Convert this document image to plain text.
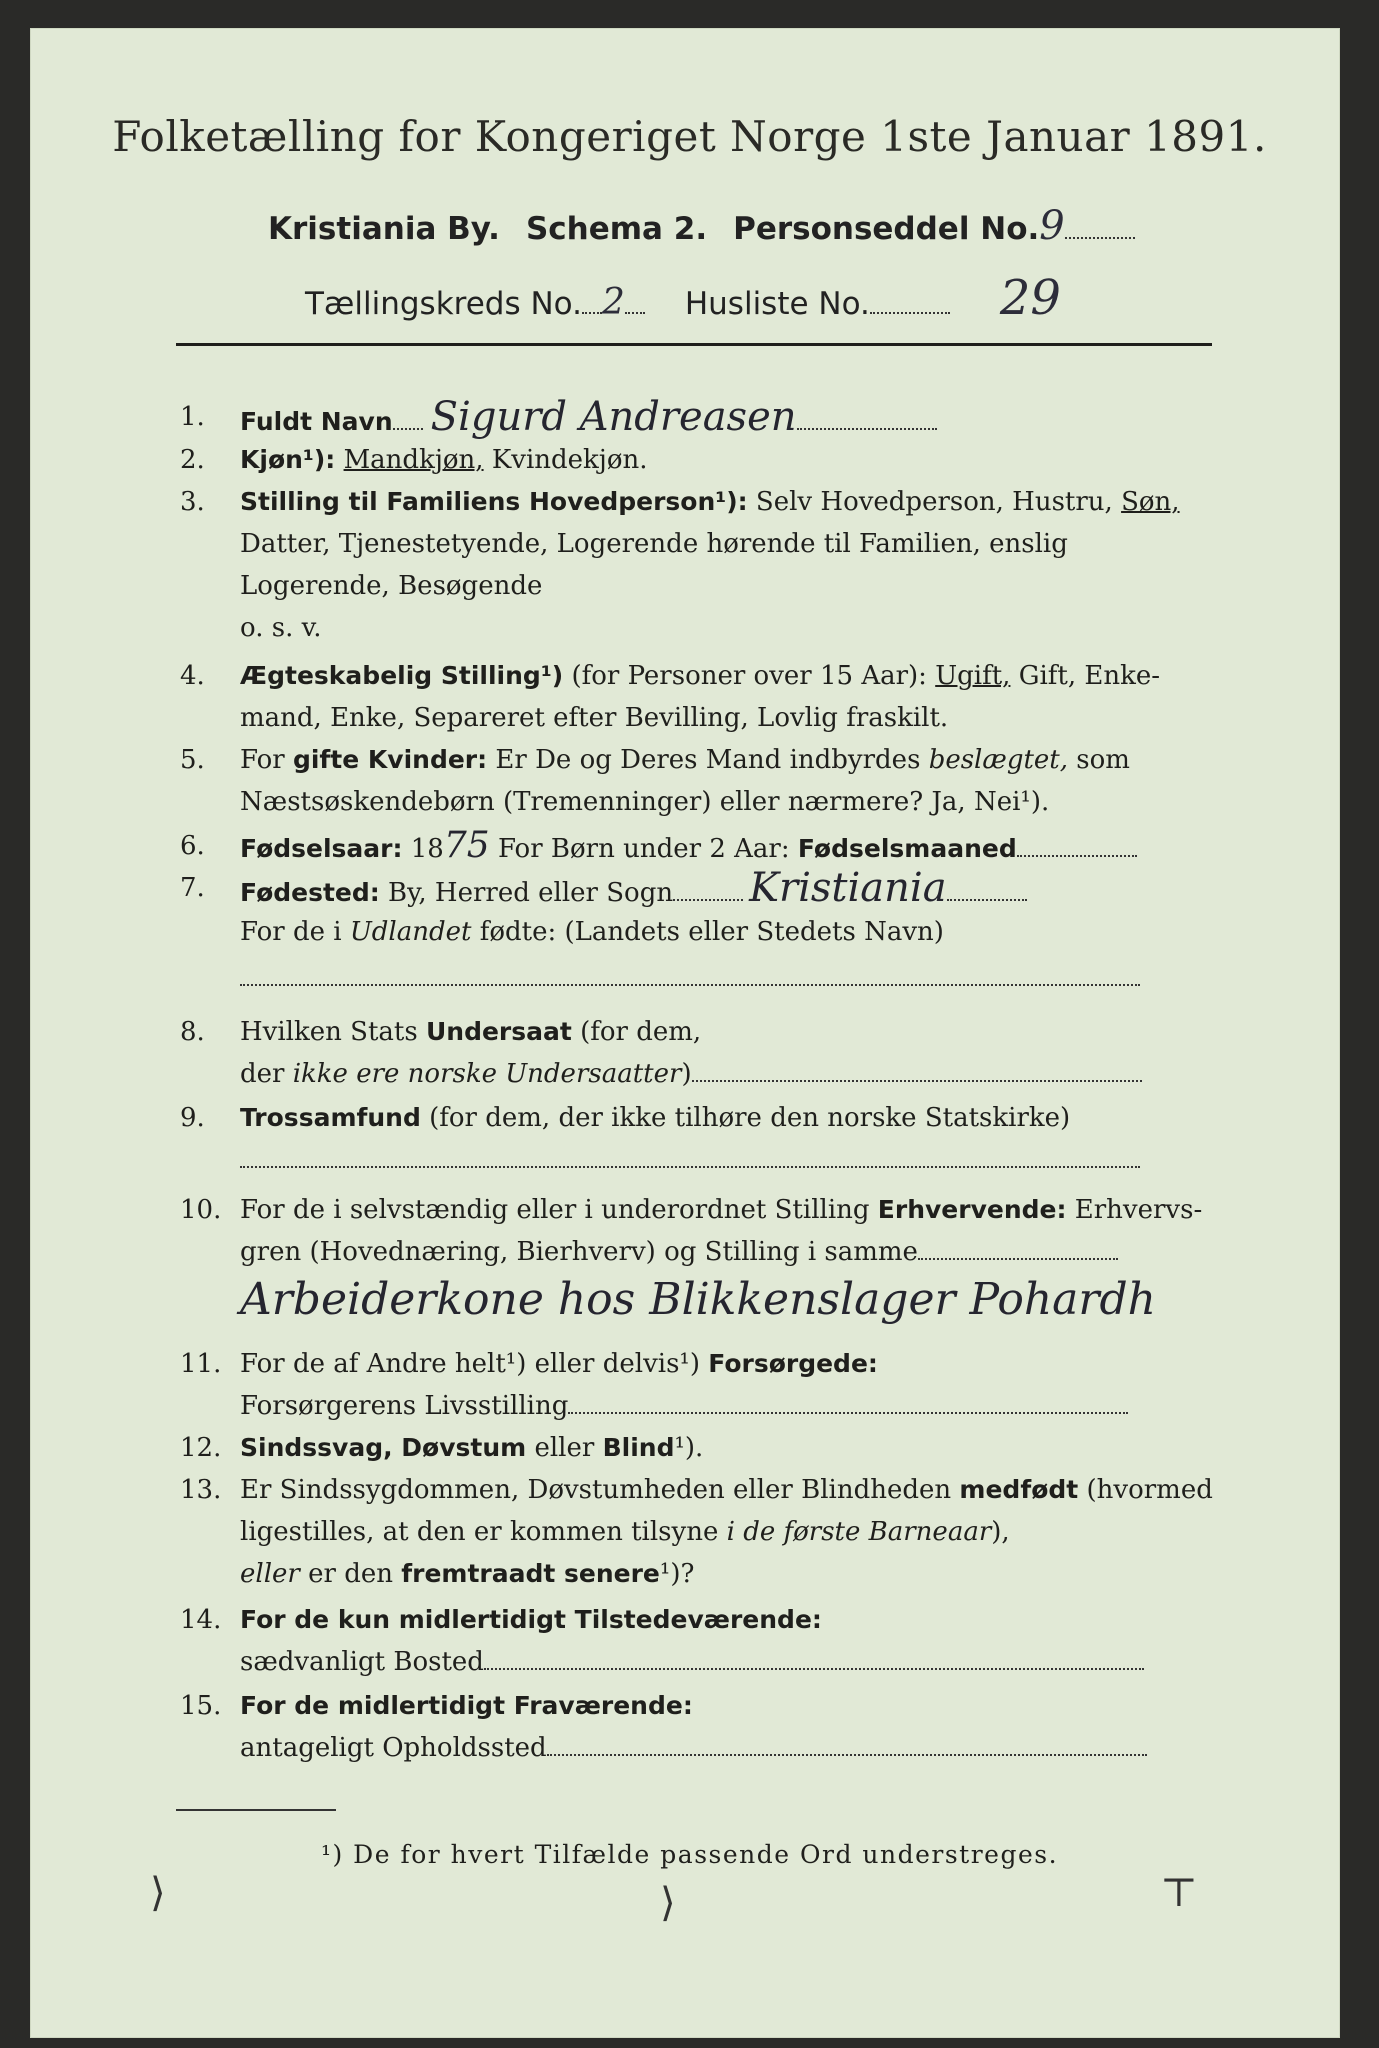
Folketælling for Kongeriget Norge 1ste Januar 1891.
Kristiania By. Schema 2. Personseddel No.9
Tællingskreds No. 2 Husliste No.	29
1.	Fuldt Navn Sigurd Andreasen
2.	Kjøn¹): Mandkjøn, Kvindekjøn.
3.	Stilling til Familiens Hovedperson¹): Selv Hovedperson, Hustru, Søn,
Datter, Tjenestetyende, Logerende hørende til Familien, enslig
Logerende, Besøgende
o. s. v.
4.	Ægteskabelig Stilling¹) (for Personer over 15 Aar): Ugift, Gift, Enke-
mand, Enke, Separeret efter Bevilling, Lovlig fraskilt.
5.	For gifte Kvinder: Er De og Deres Mand indbyrdes beslægtet, som
Næstsøskendebørn (Tremenninger) eller nærmere? Ja, Nei¹).
6.	Fødselsaar: 1875 For Børn under 2 Aar: Fødselsmaaned
7.	Fødested: By, Herred eller Sogn Kristiania
For de i Udlandet fødte: (Landets eller Stedets Navn)
8.	Hvilken Stats Undersaat (for dem,
der ikke ere norske Undersaatter)
9.	Trossamfund (for dem, der ikke tilhøre den norske Statskirke)
10. For de i selvstændig eller i underordnet Stilling Erhvervende: Erhvervs-
gren (Hovednæring, Bierhverv) og Stilling i samme
Arbeiderkone hos Blikkenslager Pohardh
11. For de af Andre helt¹) eller delvis¹) Forsørgede:
Forsørgerens Livsstilling
12. Sindssvag, Døvstum eller Blind¹).
13. Er Sindssygdommen, Døvstumheden eller Blindheden medfødt (hvormed
ligestilles, at den er kommen tilsyne i de første Barneaar),
eller er den fremtraadt senere¹)?
14. For de kun midlertidigt Tilstedeværende:
sædvanligt Bosted
15. For de midlertidigt Fraværende:
antageligt Opholdssted
¹) De for hvert Tilfælde passende Ord understreges.
⟩	⟩	⊤
